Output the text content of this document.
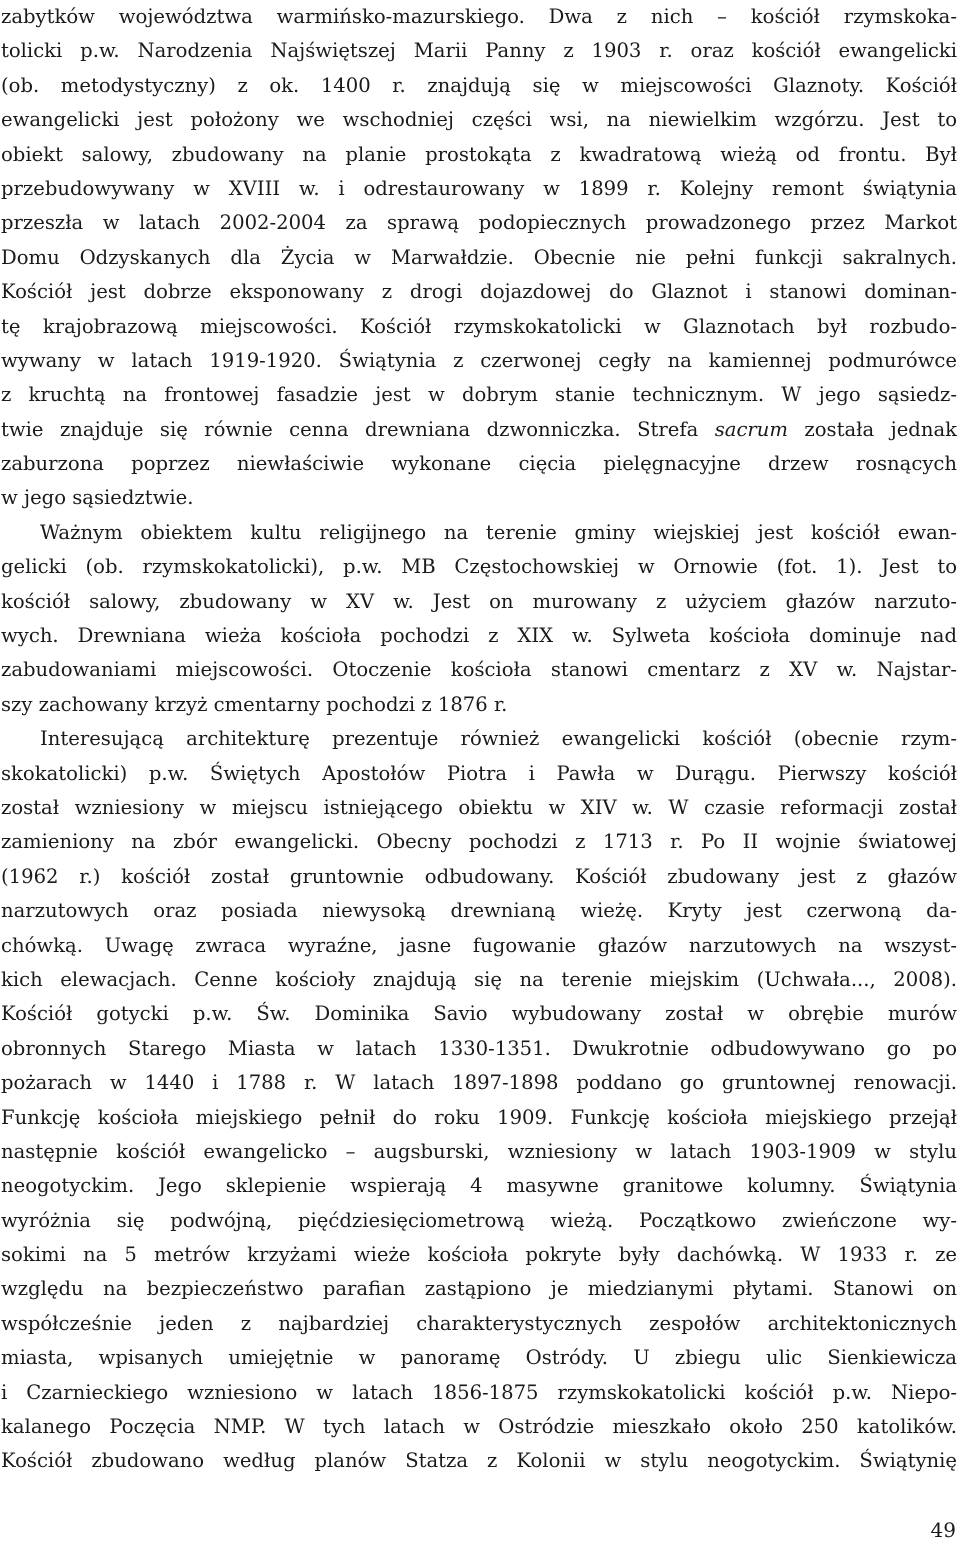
zabytków województwa warmińsko-mazurskiego. Dwa z nich – kościół rzymskoka-
tolicki p.w. Narodzenia Najświętszej Marii Panny z 1903 r. oraz kościół ewangelicki
(ob. metodystyczny) z ok. 1400 r. znajdują się w miejscowości Glaznoty. Kościół
ewangelicki jest położony we wschodniej części wsi, na niewielkim wzgórzu. Jest to
obiekt salowy, zbudowany na planie prostokąta z kwadratową wieżą od frontu. Był
przebudowywany w XVIII w. i odrestaurowany w 1899 r. Kolejny remont świątynia
przeszła w latach 2002-2004 za sprawą podopiecznych prowadzonego przez Markot
Domu Odzyskanych dla Życia w Marwałdzie. Obecnie nie pełni funkcji sakralnych.
Kościół jest dobrze eksponowany z drogi dojazdowej do Glaznot i stanowi dominan-
tę krajobrazową miejscowości. Kościół rzymskokatolicki w Glaznotach był rozbudo-
wywany w latach 1919-1920. Świątynia z czerwonej cegły na kamiennej podmurówce
z kruchtą na frontowej fasadzie jest w dobrym stanie technicznym. W jego sąsiedz-
twie znajduje się równie cenna drewniana dzwonniczka. Strefa sacrum została jednak
zaburzona poprzez niewłaściwie wykonane cięcia pielęgnacyjne drzew rosnących
w jego sąsiedztwie.
Ważnym obiektem kultu religijnego na terenie gminy wiejskiej jest kościół ewan-
gelicki (ob. rzymskokatolicki), p.w. MB Częstochowskiej w Ornowie (fot. 1). Jest to
kościół salowy, zbudowany w XV w. Jest on murowany z użyciem głazów narzuto-
wych. Drewniana wieża kościoła pochodzi z XIX w. Sylweta kościoła dominuje nad
zabudowaniami miejscowości. Otoczenie kościoła stanowi cmentarz z XV w. Najstar-
szy zachowany krzyż cmentarny pochodzi z 1876 r.
Interesującą architekturę prezentuje również ewangelicki kościół (obecnie rzym-
skokatolicki) p.w. Świętych Apostołów Piotra i Pawła w Durągu. Pierwszy kościół
został wzniesiony w miejscu istniejącego obiektu w XIV w. W czasie reformacji został
zamieniony na zbór ewangelicki. Obecny pochodzi z 1713 r. Po II wojnie światowej
(1962 r.) kościół został gruntownie odbudowany. Kościół zbudowany jest z głazów
narzutowych oraz posiada niewysoką drewnianą wieżę. Kryty jest czerwoną da-
chówką. Uwagę zwraca wyraźne, jasne fugowanie głazów narzutowych na wszyst-
kich elewacjach. Cenne kościoły znajdują się na terenie miejskim (Uchwała..., 2008).
Kościół gotycki p.w. Św. Dominika Savio wybudowany został w obrębie murów
obronnych Starego Miasta w latach 1330-1351. Dwukrotnie odbudowywano go po
pożarach w 1440 i 1788 r. W latach 1897-1898 poddano go gruntownej renowacji.
Funkcję kościoła miejskiego pełnił do roku 1909. Funkcję kościoła miejskiego przejął
następnie kościół ewangelicko – augsburski, wzniesiony w latach 1903-1909 w stylu
neogotyckim. Jego sklepienie wspierają 4 masywne granitowe kolumny. Świątynia
wyróżnia się podwójną, pięćdziesięciometrową wieżą. Początkowo zwieńczone wy-
sokimi na 5 metrów krzyżami wieże kościoła pokryte były dachówką. W 1933 r. ze
względu na bezpieczeństwo parafian zastąpiono je miedzianymi płytami. Stanowi on
współcześnie jeden z najbardziej charakterystycznych zespołów architektonicznych
miasta, wpisanych umiejętnie w panoramę Ostródy. U zbiegu ulic Sienkiewicza
i Czarnieckiego wzniesiono w latach 1856-1875 rzymskokatolicki kościół p.w. Niepo-
kalanego Poczęcia NMP. W tych latach w Ostródzie mieszkało około 250 katolików.
Kościół zbudowano według planów Statza z Kolonii w stylu neogotyckim. Świątynię
49
